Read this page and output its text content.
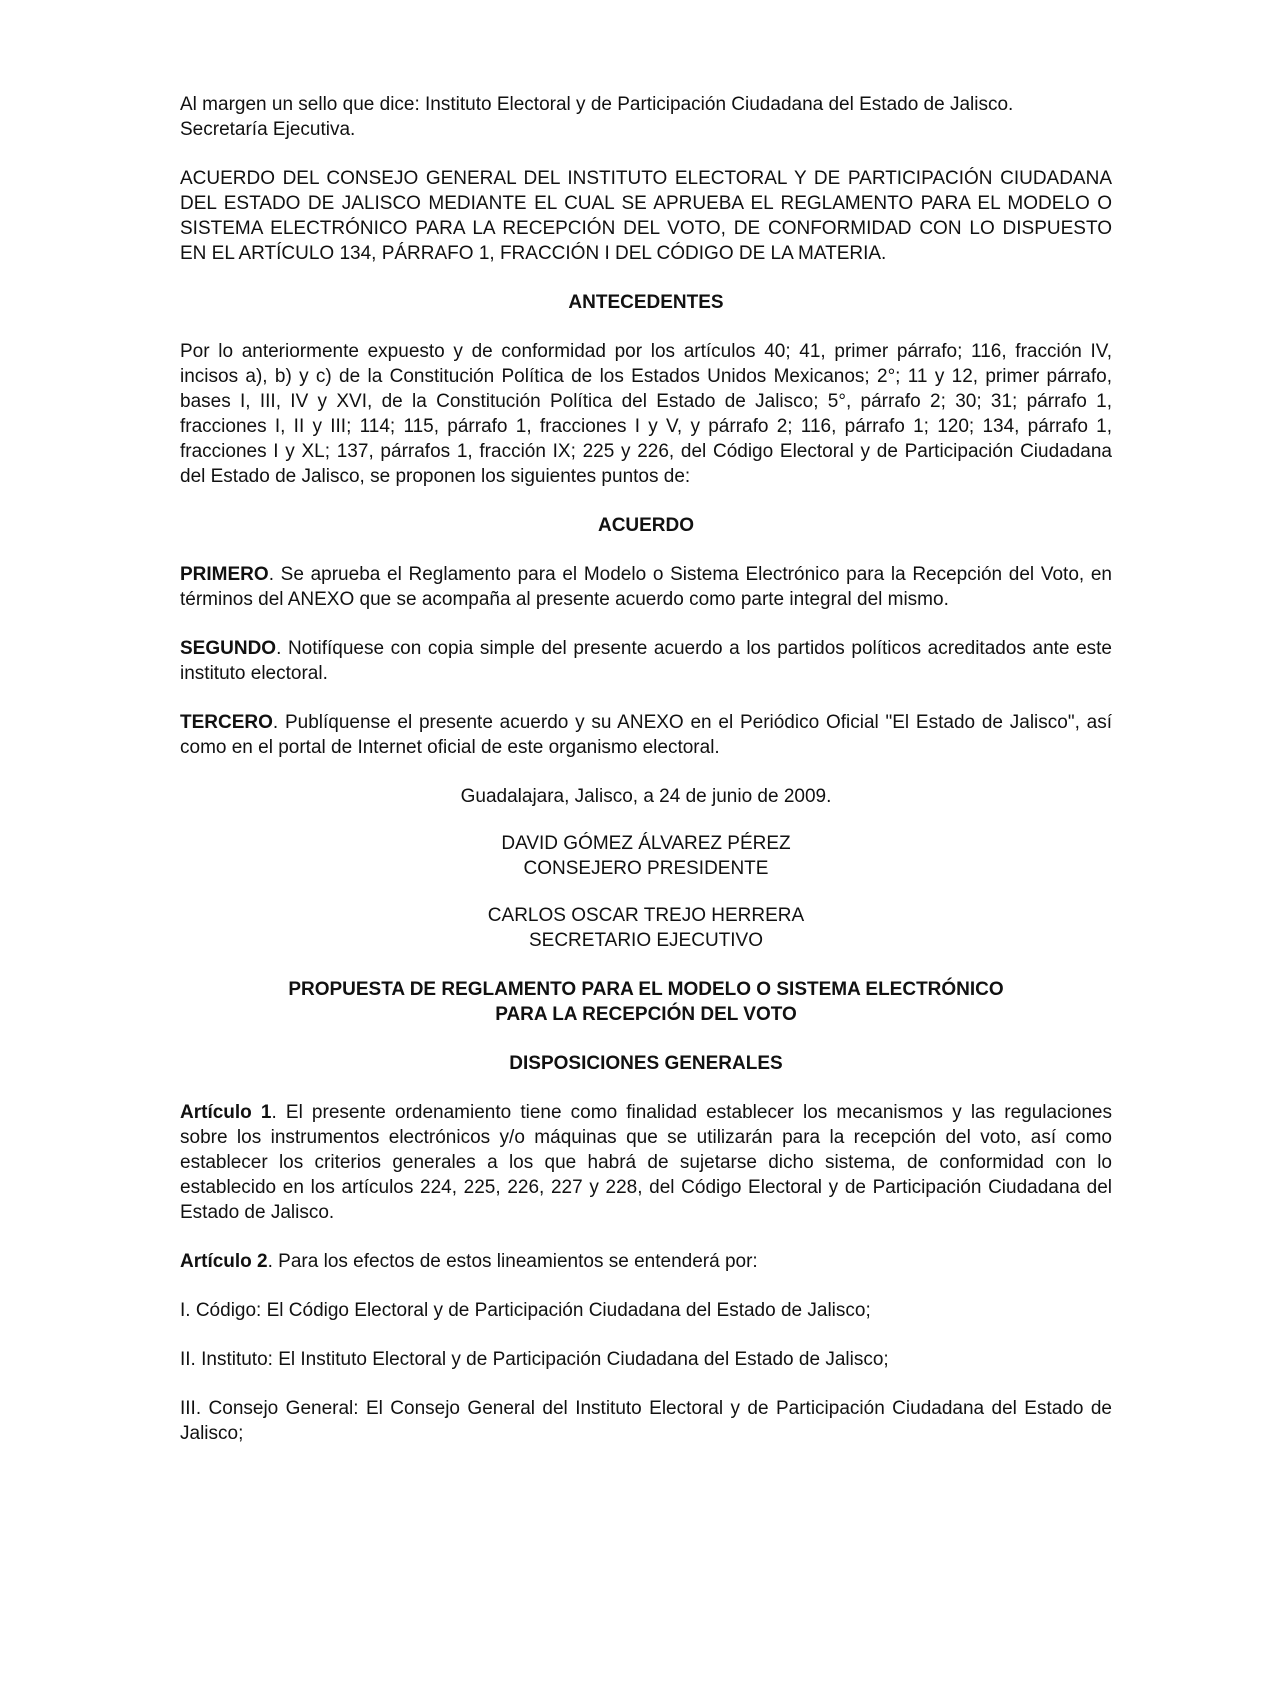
Al margen un sello que dice: Instituto Electoral y de Participación Ciudadana del Estado de Jalisco.
Secretaría Ejecutiva.

ACUERDO DEL CONSEJO GENERAL DEL INSTITUTO ELECTORAL Y DE PARTICIPACIÓN CIUDADANA DEL ESTADO DE JALISCO MEDIANTE EL CUAL SE APRUEBA EL REGLAMENTO PARA EL MODELO O SISTEMA ELECTRÓNICO PARA LA RECEPCIÓN DEL VOTO, DE CONFORMIDAD CON LO DISPUESTO EN EL ARTÍCULO 134, PÁRRAFO 1, FRACCIÓN I DEL CÓDIGO DE LA MATERIA.

ANTECEDENTES

Por lo anteriormente expuesto y de conformidad por los artículos 40; 41, primer párrafo; 116, fracción IV, incisos a), b) y c) de la Constitución Política de los Estados Unidos Mexicanos; 2°; 11 y 12, primer párrafo, bases I, III, IV y XVI, de la Constitución Política del Estado de Jalisco; 5°, párrafo 2; 30; 31; párrafo 1, fracciones I, II y III; 114; 115, párrafo 1, fracciones I y V, y párrafo 2; 116, párrafo 1; 120; 134, párrafo 1, fracciones I y XL; 137, párrafos 1, fracción IX; 225 y 226, del Código Electoral y de Participación Ciudadana del Estado de Jalisco, se proponen los siguientes puntos de:

ACUERDO

PRIMERO. Se aprueba el Reglamento para el Modelo o Sistema Electrónico para la Recepción del Voto, en términos del ANEXO que se acompaña al presente acuerdo como parte integral del mismo.

SEGUNDO. Notifíquese con copia simple del presente acuerdo a los partidos políticos acreditados ante este instituto electoral.

TERCERO. Publíquense el presente acuerdo y su ANEXO en el Periódico Oficial "El Estado de Jalisco", así como en el portal de Internet oficial de este organismo electoral.

Guadalajara, Jalisco, a 24 de junio de 2009.

DAVID GÓMEZ ÁLVAREZ PÉREZ
CONSEJERO PRESIDENTE

CARLOS OSCAR TREJO HERRERA
SECRETARIO EJECUTIVO

PROPUESTA DE REGLAMENTO PARA EL MODELO O SISTEMA ELECTRÓNICO
PARA LA RECEPCIÓN DEL VOTO

DISPOSICIONES GENERALES

Artículo 1. El presente ordenamiento tiene como finalidad establecer los mecanismos y las regulaciones sobre los instrumentos electrónicos y/o máquinas que se utilizarán para la recepción del voto, así como establecer los criterios generales a los que habrá de sujetarse dicho sistema, de conformidad con lo establecido en los artículos 224, 225, 226, 227 y 228, del Código Electoral y de Participación Ciudadana del Estado de Jalisco.

Artículo 2. Para los efectos de estos lineamientos se entenderá por:

I. Código: El Código Electoral y de Participación Ciudadana del Estado de Jalisco;

II. Instituto: El Instituto Electoral y de Participación Ciudadana del Estado de Jalisco;

III. Consejo General: El Consejo General del Instituto Electoral y de Participación Ciudadana del Estado de Jalisco;
